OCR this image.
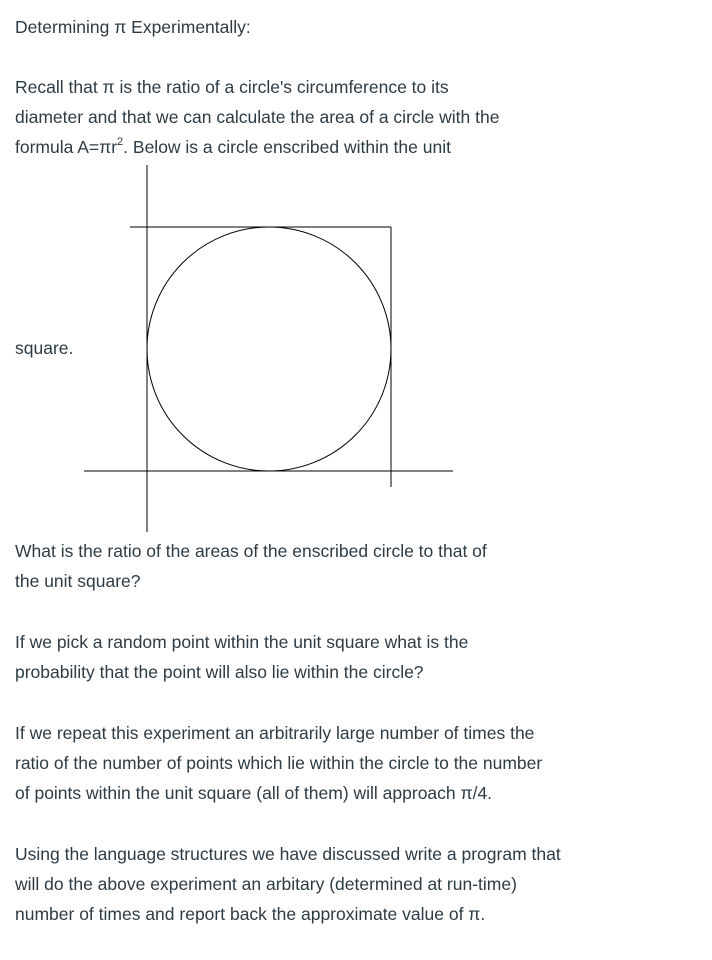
Determining π Experimentally:
Recall that π is the ratio of a circle's circumference to its
diameter and that we can calculate the area of a circle with the
formula $A=\pi r^2$. Below is a circle enscribed within the unit
square.
What is the ratio of the areas of the enscribed circle to that of
the unit square?
If we pick a random point within the unit square what is the
probability that the point will also lie within the circle?
If we repeat this experiment an arbitrarily large number of times the
ratio of the number of points which lie within the circle to the number
of points within the unit square (all of them) will approach π/4.
Using the language structures we have discussed write a program that
will do the above experiment an arbitary (determined at run-time)
number of times and report back the approximate value of π.
